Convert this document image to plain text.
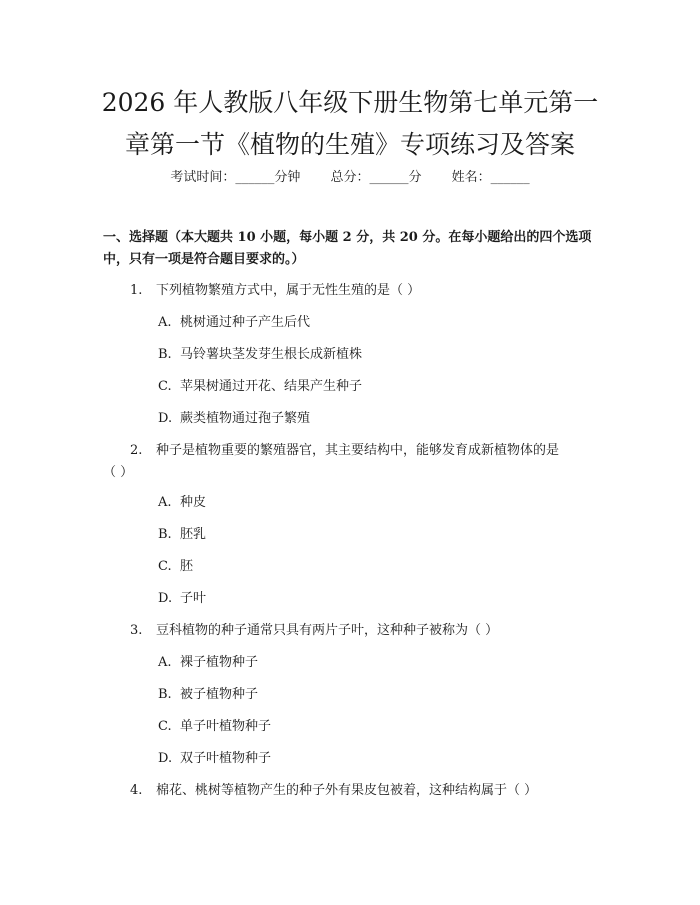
2026 年人教版八年级下册生物第七单元第一
章第一节《植物的生殖》专项练习及答案
考试时间：______分钟 总分：______分 姓名：______
一、选择题（本大题共 10 小题，每小题 2 分，共 20 分。在每小题给出的四个选项中，只有一项是符合题目要求的。）
1. 下列植物繁殖方式中，属于无性生殖的是（ ）
A. 桃树通过种子产生后代
B. 马铃薯块茎发芽生根长成新植株
C. 苹果树通过开花、结果产生种子
D. 蕨类植物通过孢子繁殖
2. 种子是植物重要的繁殖器官，其主要结构中，能够发育成新植物体的是
（ ）
A. 种皮
B. 胚乳
C. 胚
D. 子叶
3. 豆科植物的种子通常只具有两片子叶，这种种子被称为（ ）
A. 裸子植物种子
B. 被子植物种子
C. 单子叶植物种子
D. 双子叶植物种子
4. 棉花、桃树等植物产生的种子外有果皮包被着，这种结构属于（ ）
